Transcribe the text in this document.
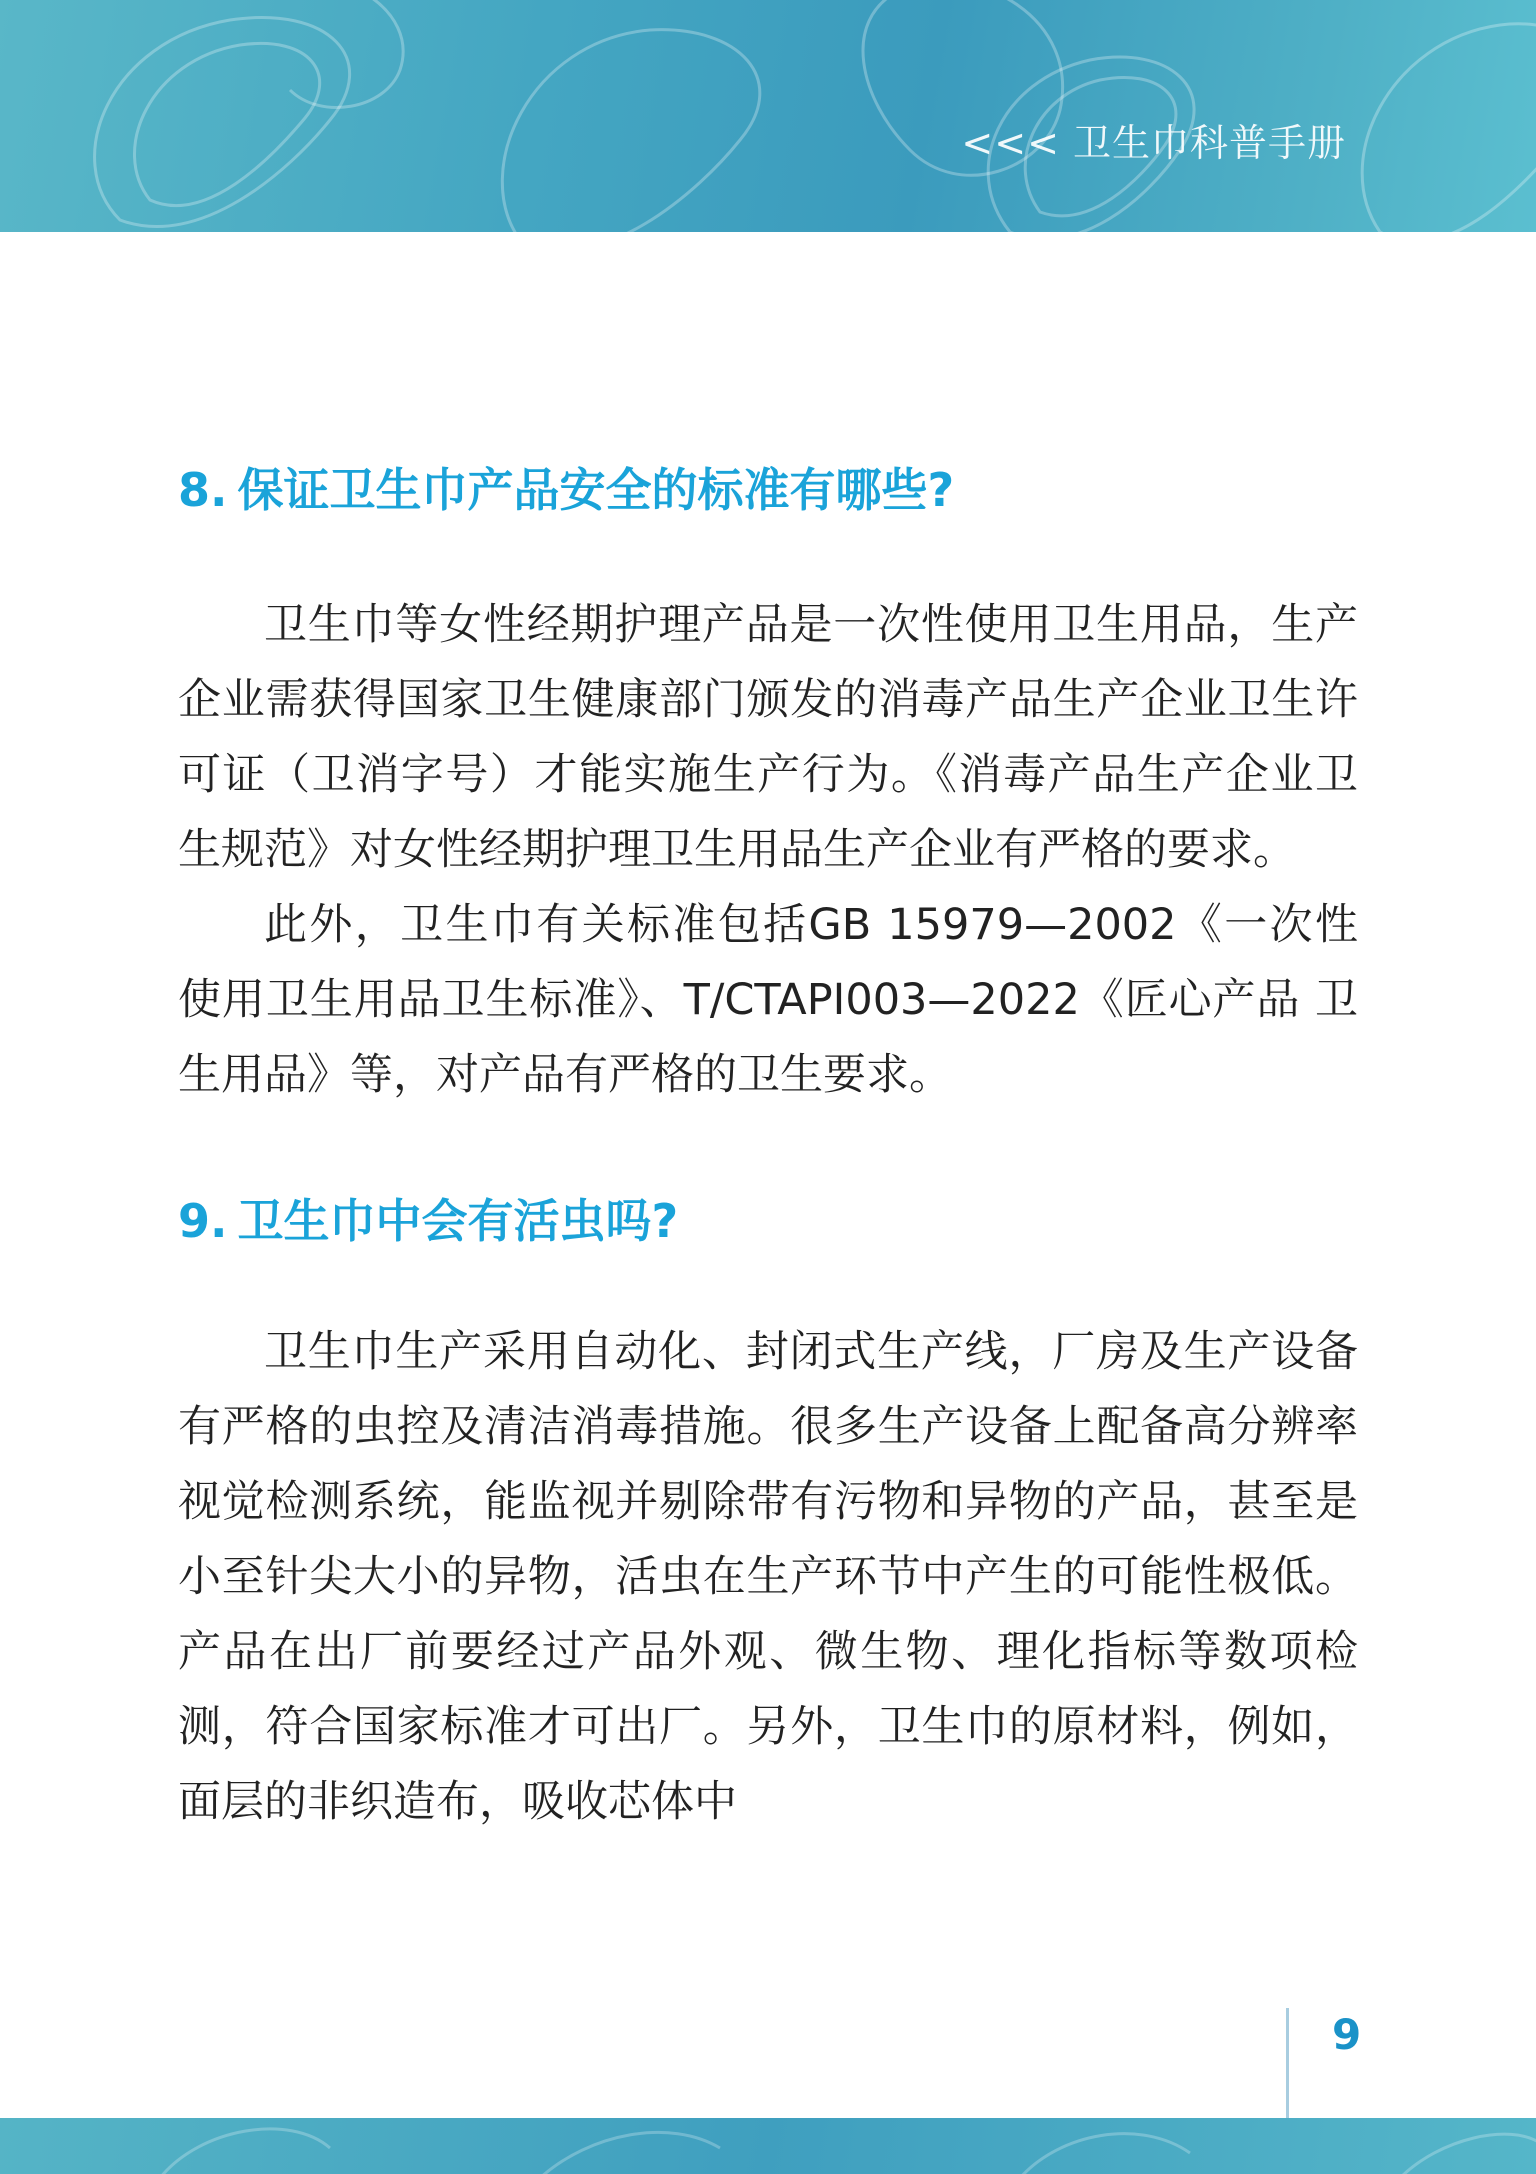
<<< 卫生巾科普手册
8. 保证卫生巾产品安全的标准有哪些?

卫生巾等女性经期护理产品是一次性使用卫生用品，生产企业需获得国家卫生健康部门颁发的消毒产品生产企业卫生许可证（卫消字号）才能实施生产行为。《消毒产品生产企业卫生规范》对女性经期护理卫生用品生产企业有严格的要求。

此外，卫生巾有关标准包括GB 15979—2002《一次性使用卫生用品卫生标准》、T/CTAPI003—2022《匠心产品 卫生用品》等，对产品有严格的卫生要求。

9. 卫生巾中会有活虫吗?

卫生巾生产采用自动化、封闭式生产线，厂房及生产设备有严格的虫控及清洁消毒措施。很多生产设备上配备高分辨率视觉检测系统，能监视并剔除带有污物和异物的产品，甚至是小至针尖大小的异物，活虫在生产环节中产生的可能性极低。产品在出厂前要经过产品外观、微生物、理化指标等数项检测，符合国家标准才可出厂。另外，卫生巾的原材料，例如，面层的非织造布，吸收芯体中

9
